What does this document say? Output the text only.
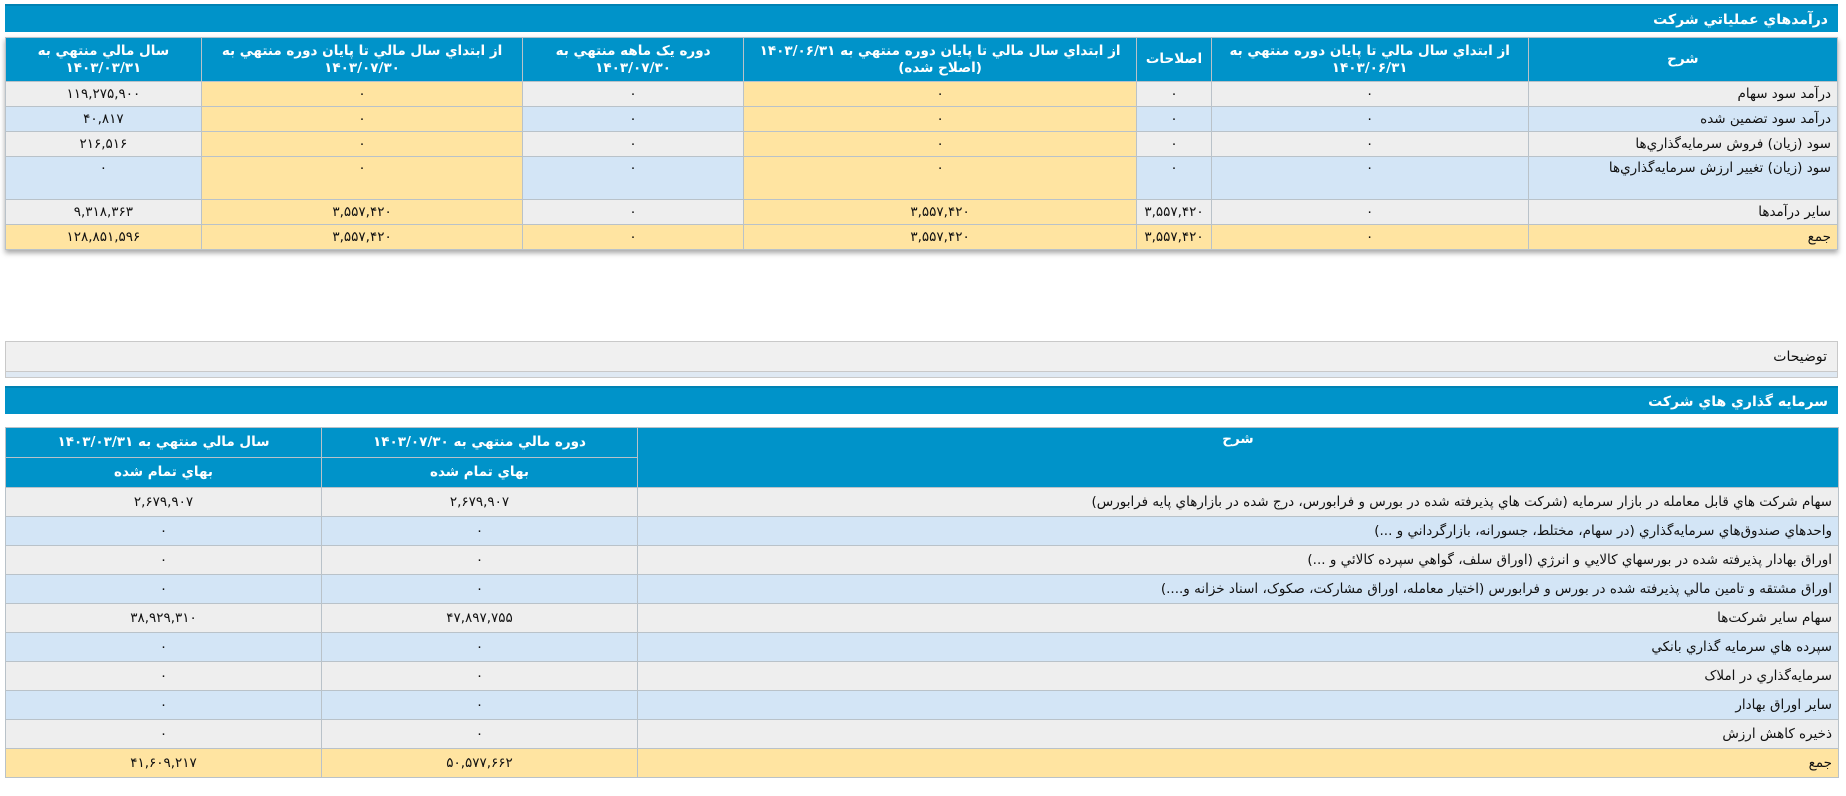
درآمدهاي عملياتي شرکت
شرح	از ابتداي سال مالي تا پايان دوره منتهي به ۱۴۰۳/۰۶/۳۱	اصلاحات	از ابتداي سال مالي تا پايان دوره منتهي به ۱۴۰۳/۰۶/۳۱ (اصلاح شده)	دوره يک ماهه منتهي به ۱۴۰۳/۰۷/۳۰	از ابتداي سال مالي تا پايان دوره منتهي به ۱۴۰۳/۰۷/۳۰	سال مالي منتهي به ۱۴۰۳/۰۳/۳۱
درآمد سود سهام	۰	۰	۰	۰	۰	۱۱۹,۲۷۵,۹۰۰
درآمد سود تضمين شده	۰	۰	۰	۰	۰	۴۰,۸۱۷
سود (زيان) فروش سرمايه‌گذاري‌ها	۰	۰	۰	۰	۰	۲۱۶,۵۱۶
سود (زيان) تغيير ارزش سرمايه‌گذاري‌ها	۰	۰	۰	۰	۰	۰
ساير درآمدها	۰	۳,۵۵۷,۴۲۰	۳,۵۵۷,۴۲۰	۰	۳,۵۵۷,۴۲۰	۹,۳۱۸,۳۶۳
جمع	۰	۳,۵۵۷,۴۲۰	۳,۵۵۷,۴۲۰	۰	۳,۵۵۷,۴۲۰	۱۲۸,۸۵۱,۵۹۶
توضيحات
سرمايه گذاري هاي شرکت
شرح	دوره مالي منتهي به ۱۴۰۳/۰۷/۳۰	سال مالي منتهي به ۱۴۰۳/۰۳/۳۱
	بهاي تمام شده	بهاي تمام شده
سهام شرکت هاي قابل معامله در بازار سرمايه (شرکت هاي پذيرفته شده در بورس و فرابورس، درج شده در بازارهاي پايه فرابورس)	۲,۶۷۹,۹۰۷	۲,۶۷۹,۹۰۷
واحدهاي صندوق‌هاي سرمايه‌گذاري (در سهام، مختلط، جسورانه، بازارگرداني و ...)	۰	۰
اوراق بهادار پذيرفته شده در بورسهاي کالايي و انرژي (اوراق سلف، گواهي سپرده کالائي و ...)	۰	۰
اوراق مشتقه و تامين مالي پذيرفته شده در بورس و فرابورس (اختيار معامله، اوراق مشارکت، صکوک، اسناد خزانه و....)	۰	۰
سهام ساير شرکت‌ها	۴۷,۸۹۷,۷۵۵	۳۸,۹۲۹,۳۱۰
سپرده هاي سرمايه گذاري بانکي	۰	۰
سرمايه‌گذاري در املاک	۰	۰
ساير اوراق بهادار	۰	۰
ذخيره کاهش ارزش	۰	۰
جمع	۵۰,۵۷۷,۶۶۲	۴۱,۶۰۹,۲۱۷
